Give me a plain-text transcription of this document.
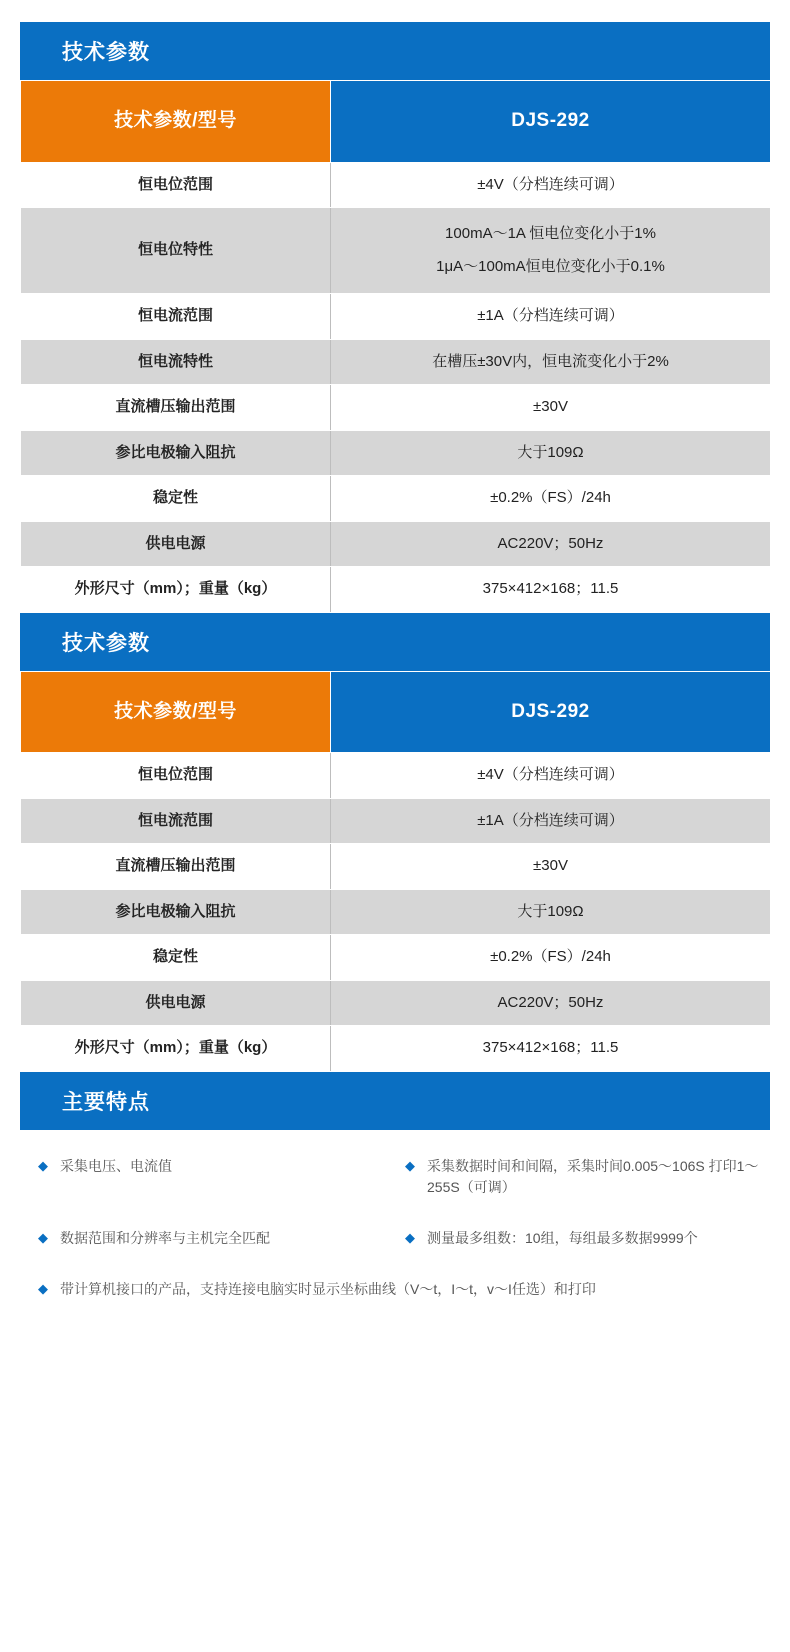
技术参数
技术参数/型号	DJS-292
恒电位范围	±4V（分档连续可调）
恒电位特性	100mA～1A 恒电位变化小于1%
1μA～100mA恒电位变化小于0.1%

恒电流范围	±1A（分档连续可调）
恒电流特性	在槽压±30V内，恒电流变化小于2%
直流槽压输出范围	±30V
参比电极输入阻抗	大于109Ω
稳定性	±0.2%（FS）/24h
供电电源	AC220V；50Hz
外形尺寸（mm）；重量（kg）	375×412×168；11.5
技术参数
技术参数/型号	DJS-292
恒电位范围	±4V（分档连续可调）
恒电流范围	±1A（分档连续可调）
直流槽压输出范围	±30V
参比电极输入阻抗	大于109Ω
稳定性	±0.2%（FS）/24h
供电电源	AC220V；50Hz
外形尺寸（mm）；重量（kg）	375×412×168；11.5
主要特点
◆ 采集电压、电流值	◆ 采集数据时间和间隔，采集时间0.005～106S 打印1～255S（可调）
◆ 数据范围和分辨率与主机完全匹配	◆ 测量最多组数：10组，每组最多数据9999个
◆ 带计算机接口的产品，支持连接电脑实时显示坐标曲线（V～t，I～t，v～I任选）和打印
